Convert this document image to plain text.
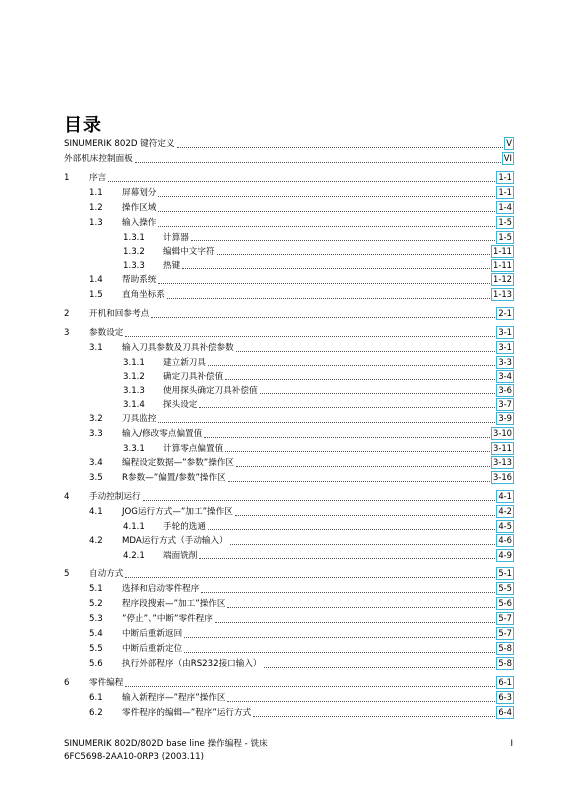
目录
SINUMERIK 802D 键符定义	V
外部机床控制面板	VI
1	序言	1-1
1.1	屏幕划分	1-1
1.2	操作区域	1-4
1.3	输入操作	1-5
1.3.1	计算器	1-5
1.3.2	编辑中文字符	1-11
1.3.3	热键	1-11
1.4	帮助系统	1-12
1.5	直角坐标系	1-13
2	开机和回参考点	2-1
3	参数设定	3-1
3.1	输入刀具参数及刀具补偿参数	3-1
3.1.1	建立新刀具	3-3
3.1.2	确定刀具补偿值	3-4
3.1.3	使用探头确定刀具补偿值	3-6
3.1.4	探头设定	3-7
3.2	刀具监控	3-9
3.3	输入/修改零点偏置值	3-10
3.3.1	计算零点偏置值	3-11
3.4	编程设定数据—”参数”操作区	3-13
3.5	R参数—”偏置/参数”操作区	3-16
4	手动控制运行	4-1
4.1	JOG运行方式—”加工”操作区	4-2
4.1.1	手轮的选通	4-5
4.2	MDA运行方式（手动输入）	4-6
4.2.1	端面铣削	4-9
5	自动方式	5-1
5.1	选择和启动零件程序	5-5
5.2	程序段搜索—”加工”操作区	5-6
5.3	”停止”、”中断”零件程序	5-7
5.4	中断后重新返回	5-7
5.5	中断后重新定位	5-8
5.6	执行外部程序（由RS232接口输入）	5-8
6	零件编程	6-1
6.1	输入新程序—”程序”操作区	6-3
6.2	零件程序的编辑—”程序”运行方式	6-4
SINUMERIK 802D/802D base line 操作编程 - 铣床
6FC5698-2AA10-0RP3 (2003.11)
I
